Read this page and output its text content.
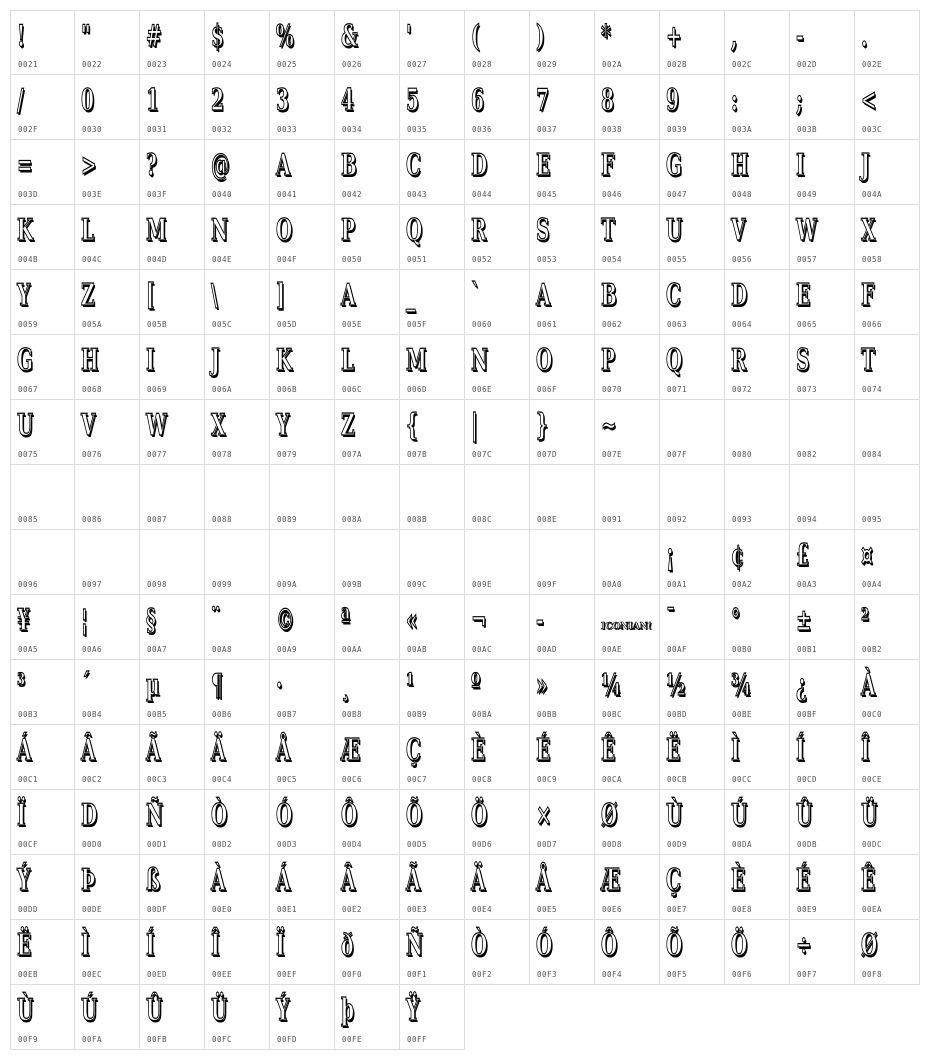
!
0021
"
0022
#
0023
$
0024
%
0025
&
0026
'
0027
(
0028
)
0029
*
002A
+
002B
,
002C
-
002D
.
002E
/
002F
0
0030
1
0031
2
0032
3
0033
4
0034
5
0035
6
0036
7
0037
8
0038
9
0039
:
003A
;
003B
<
003C
=
003D
>
003E
?
003F
@
0040
A
0041
B
0042
C
0043
D
0044
E
0045
F
0046
G
0047
H
0048
I
0049
J
004A
K
004B
L
004C
M
004D
N
004E
O
004F
P
0050
Q
0051
R
0052
S
0053
T
0054
U
0055
V
0056
W
0057
X
0058
Y
0059
Z
005A
[
005B
\
005C
]
005D
A
005E
_
005F
`
0060
A
0061
B
0062
C
0063
D
0064
E
0065
F
0066
G
0067
H
0068
I
0069
J
006A
K
006B
L
006C
M
006D
N
006E
O
006F
P
0070
Q
0071
R
0072
S
0073
T
0074
U
0075
V
0076
W
0077
X
0078
Y
0079
Z
007A
{
007B
|
007C
}
007D
~
007E	007F	0080	0082	0084
0085	0086	0087	0088	0089	008A	008B	008C	008E	0091	0092	0093	0094	0095
0096	0097	0098	0099	009A	009B	009C	009E	009F	00A0
¡
00A1
¢
00A2
£
00A3
¤
00A4
¥
00A5
¦
00A6
§
00A7
¨
00A8
©
00A9
ª
00AA
«
00AB
¬
00AC
-
00AD
ICONIAN!
00AE
¯
00AF
°
00B0
±
00B1
²
00B2
³
00B3
´
00B4
µ
00B5
¶
00B6
·
00B7
¸
00B8
¹
00B9
º
00BA
»
00BB
¼
00BC
½
00BD
¾
00BE
¿
00BF
À
00C0
Á
00C1
Â
00C2
Ã
00C3
Ä
00C4
Å
00C5
Æ
00C6
Ç
00C7
È
00C8
É
00C9
Ê
00CA
Ë
00CB
Ì
00CC
Í
00CD
Î
00CE
Ï
00CF
D
00D0
Ñ
00D1
Ò
00D2
Ó
00D3
Ô
00D4
Õ
00D5
Ö
00D6
×
00D7
Ø
00D8
Ù
00D9
Ú
00DA
Û
00DB
Ü
00DC
Ý
00DD
Þ
00DE
ß
00DF
À
00E0
Á
00E1
Â
00E2
Ã
00E3
Ä
00E4
Å
00E5
Æ
00E6
Ç
00E7
È
00E8
É
00E9
Ê
00EA
Ë
00EB
Ì
00EC
Í
00ED
Î
00EE
Ï
00EF
ð
00F0
Ñ
00F1
Ò
00F2
Ó
00F3
Ô
00F4
Õ
00F5
Ö
00F6
÷
00F7
Ø
00F8
Ù
00F9
Ú
00FA
Û
00FB
Ü
00FC
Ý
00FD
þ
00FE
Ÿ
00FF
